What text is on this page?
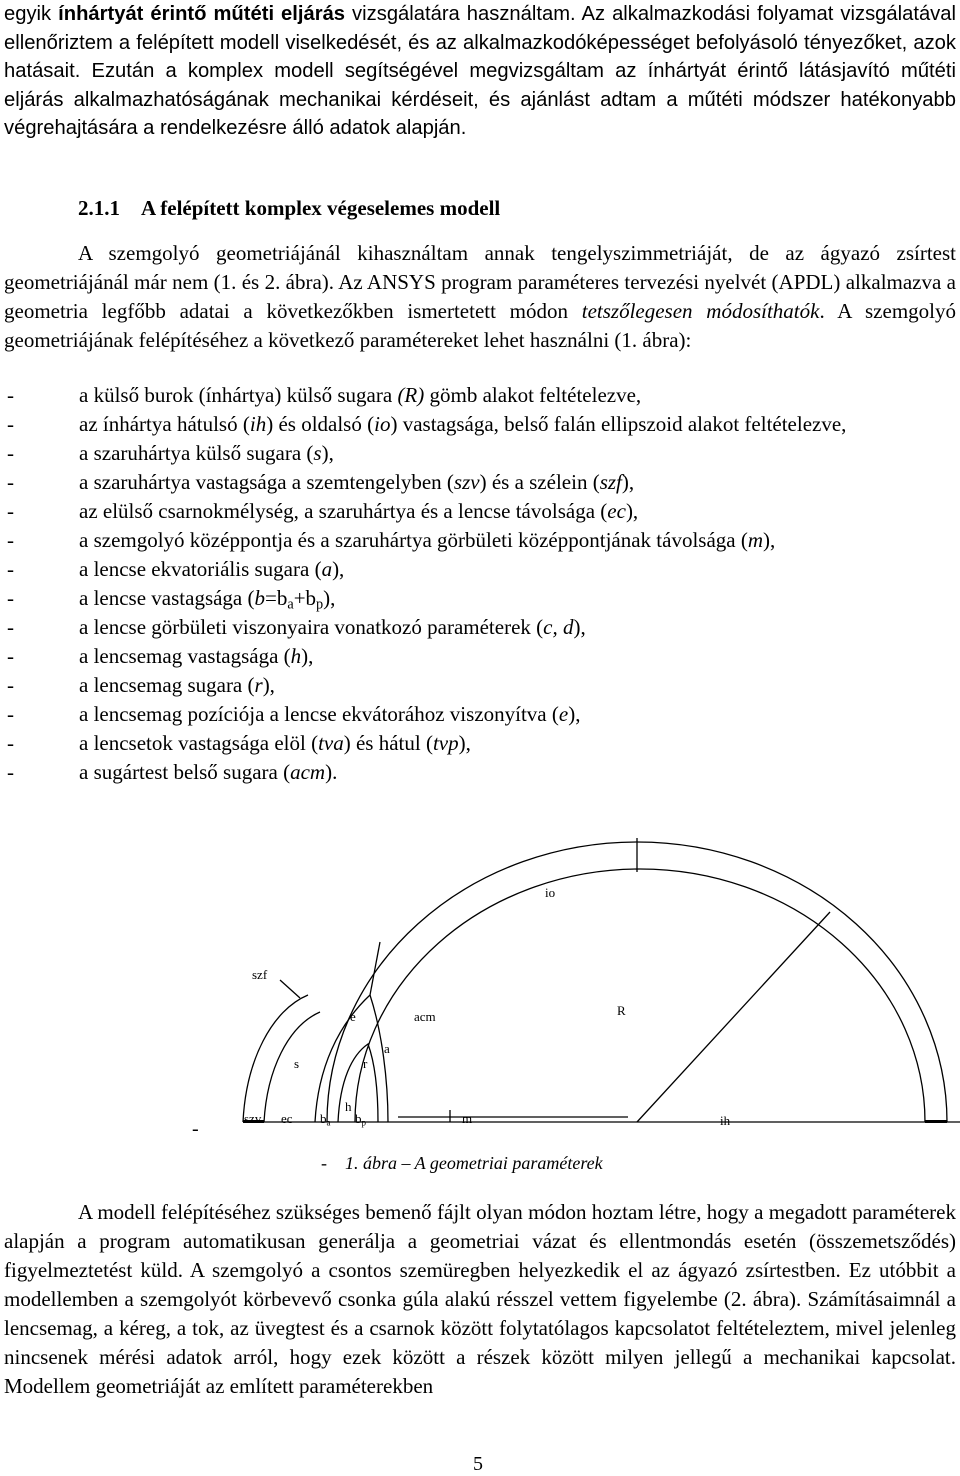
egyik ínhártyát érintő műtéti eljárás vizsgálatára használtam. Az alkalmazkodási folyamat vizsgálatával ellenőriztem a felépített modell viselkedését, és az alkalmazkodóképességet befolyásoló tényezőket, azok hatásait. Ezután a komplex modell segítségével megvizsgáltam az ínhártyát érintő látásjavító műtéti eljárás alkalmazhatóságának mechanikai kérdéseit, és ajánlást adtam a műtéti módszer hatékonyabb végrehajtására a rendelkezésre álló adatok alapján.

2.1.1 A felépített komplex végeselemes modell

A szemgolyó geometriájánál kihasználtam annak tengelyszimmetriáját, de az ágyazó zsírtest geometriájánál már nem (1. és 2. ábra). Az ANSYS program paraméteres tervezési nyelvét (APDL) alkalmazva a geometria legfőbb adatai a következőkben ismertetett módon tetszőlegesen módosíthatók. A szemgolyó geometriájának felépítéséhez a következő paramétereket lehet használni (1. ábra):

-	a külső burok (ínhártya) külső sugara (R) gömb alakot feltételezve,
-	az ínhártya hátulsó (ih) és oldalsó (io) vastagsága, belső falán ellipszoid alakot feltételezve,
-	a szaruhártya külső sugara (s),
-	a szaruhártya vastagsága a szemtengelyben (szv) és a szélein (szf),
-	az elülső csarnokmélység, a szaruhártya és a lencse távolsága (ec),
-	a szemgolyó középpontja és a szaruhártya görbületi középpontjának távolsága (m),
-	a lencse ekvatoriális sugara (a),
-	a lencse vastagsága $(b=b_a+b_p)$,
-	a lencse görbületi viszonyaira vonatkozó paraméterek (c, d),
-	a lencsemag vastagsága (h),
-	a lencsemag sugara (r),
-	a lencsemag pozíciója a lencse ekvátorához viszonyítva (e),
-	a lencsetok vastagsága elöl (tva) és hátul (tvp),
-	a sugártest belső sugara (acm).
io
szf
e	acm	R
a
s	r
h
szv ec $b_a$ $b_p$	m	ih
-
- 1. ábra – A geometriai paraméterek

A modell felépítéséhez szükséges bemenő fájlt olyan módon hoztam létre, hogy a megadott paraméterek alapján a program automatikusan generálja a geometriai vázat és ellentmondás esetén (összemetsződés) figyelmeztetést küld. A szemgolyó a csontos szemüregben helyezkedik el az ágyazó zsírtestben. Ez utóbbit a modellemben a szemgolyót körbevevő csonka gúla alakú résszel vettem figyelembe (2. ábra). Számításaimnál a lencsemag, a kéreg, a tok, az üvegtest és a csarnok között folytatólagos kapcsolatot feltételeztem, mivel jelenleg nincsenek mérési adatok arról, hogy ezek között a részek között milyen jellegű a mechanikai kapcsolat. Modellem geometriáját az említett paraméterekben

5
